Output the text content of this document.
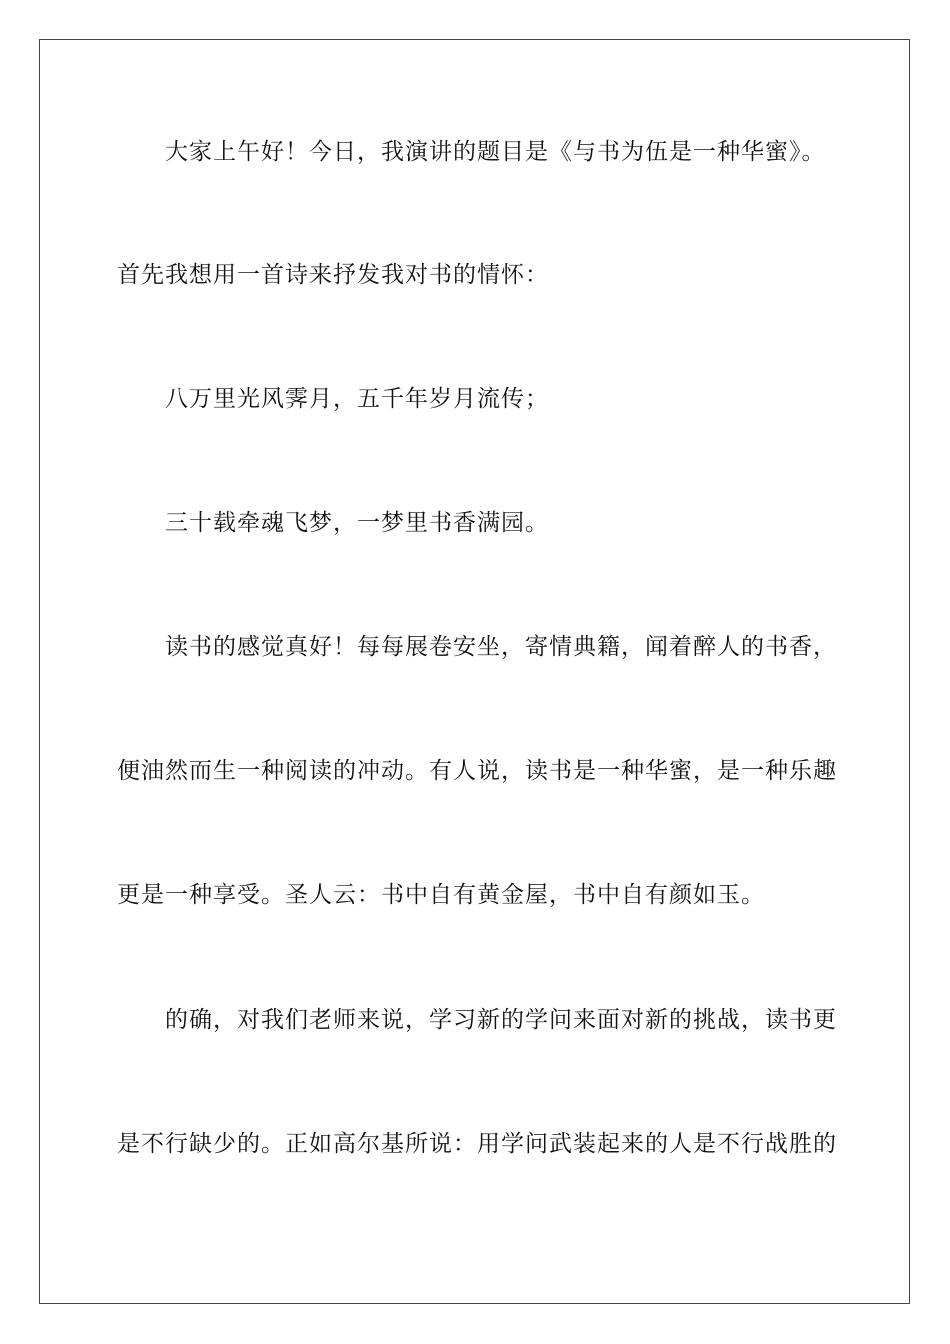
大家上午好！今日，我演讲的题目是《与书为伍是一种华蜜》。
首先我想用一首诗来抒发我对书的情怀：
八万里光风霁月，五千年岁月流传；
三十载牵魂飞梦，一梦里书香满园。
读书的感觉真好！每每展卷安坐，寄情典籍，闻着醉人的书香，
便油然而生一种阅读的冲动。有人说，读书是一种华蜜，是一种乐趣
更是一种享受。圣人云：书中自有黄金屋，书中自有颜如玉。
的确，对我们老师来说，学习新的学问来面对新的挑战，读书更
是不行缺少的。正如高尔基所说：用学问武装起来的人是不行战胜的
